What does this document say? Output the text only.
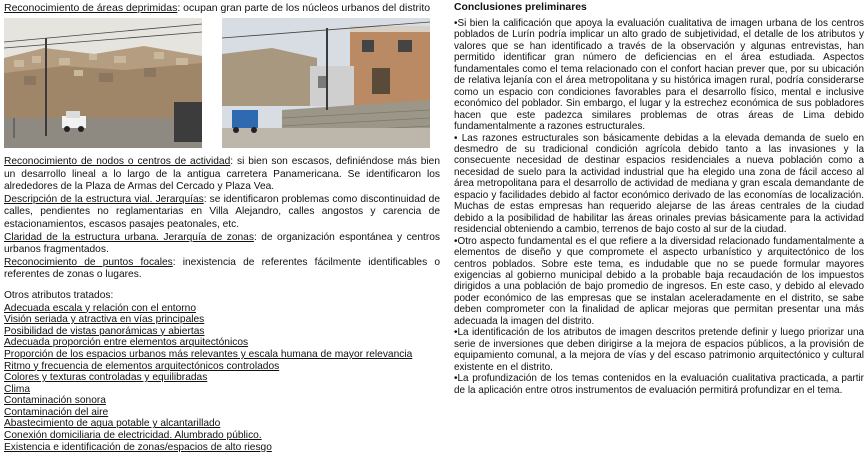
Reconocimiento de áreas deprimidas: ocupan gran parte de los núcleos urbanos del distrito

Reconocimiento de nodos o centros de actividad: si bien son escasos, definiéndose más bien un desarrollo lineal a lo largo de la antigua carretera Panamericana. Se identificaron los alrededores de la Plaza de Armas del Cercado y Plaza Vea.

Descripción de la estructura vial. Jerarquías: se identificaron problemas como discontinuidad de calles, pendientes no reglamentarias en Villa Alejandro, calles angostos y carencia de estacionamientos, escasos pasajes peatonales, etc.

Claridad de la estructura urbana. Jerarquía de zonas: de organización espontánea y centros urbanos fragmentados.

Reconocimiento de puntos focales: inexistencia de referentes fácilmente identificables o referentes de zonas o lugares.

Otros atributos tratados:

Adecuada escala y relación con el entorno
Visión seriada y atractiva en vías principales
Posibilidad de vistas panorámicas y abiertas
Adecuada proporción entre elementos arquitectónicos
Proporción de los espacios urbanos más relevantes y escala humana de mayor relevancia
Ritmo y frecuencia de elementos arquitectónicos controlados
Colores y texturas controladas y equilibradas
Clima
Contaminación sonora
Contaminación del aire
Abastecimiento de agua potable y alcantarillado
Conexión domiciliaria de electricidad. Alumbrado público.
Existencia e identificación de zonas/espacios de alto riesgo

Conclusiones preliminares

•Si bien la calificación que apoya la evaluación cualitativa de imagen urbana de los centros poblados de Lurín podría implicar un alto grado de subjetividad, el detalle de los atributos y valores que se han identificado a través de la observación y algunas entrevistas, han permitido identificar gran número de deficiencias en el área estudiada. Aspectos fundamentales como el tema relacionado con el confort hacian prever que, por su ubicación de relativa lejanía con el área metropolitana y su histórica imagen rural, podría considerarse como un espacio con condiciones favorables para el desarrollo físico, mental e inclusive económico del poblador. Sin embargo, el lugar y la estrechez económica de sus pobladores hacen que este padezca similares problemas de otras áreas de Lima debido fundamentalmente a razones estructurales.

• Las razones estructurales son básicamente debidas a la elevada demanda de suelo en desmedro de su tradicional condición agrícola debido tanto a las invasiones y la consecuente necesidad de destinar espacios residenciales a nueva población como a necesidad de suelo para la actividad industrial que ha elegido una zona de fácil acceso al área metropolitana para el desarrollo de actividad de mediana y gran escala demandante de espacio y facilidades debido al factor económico derivado de las economías de localización. Muchas de estas empresas han requerido alejarse de las áreas centrales de la ciudad debido a la posibilidad de habilitar las áreas orinales previas básicamente para la actividad residencial obteniendo a cambio, terrenos de bajo costo al sur de la ciudad.

•Otro aspecto fundamental es el que refiere a la diversidad relacionado fundamentalmente a elementos de diseño y que compromete el aspecto urbanístico y arquitectónico de los centros poblados. Sobre este tema, es indudable que no se puede formular mayores exigencias al gobierno municipal debido a la probable baja recaudación de los impuestos dirigidos a una población de bajo promedio de ingresos. En este caso, y debido al elevado poder económico de las empresas que se instalan aceleradamente en el distrito, se sabe deben comprometer con la finalidad de aplicar mejoras que permitan presentar una más adecuada la imagen del distrito.

•La identificación de los atributos de imagen descritos pretende definir y luego priorizar una serie de inversiones que deben dirigirse a la mejora de espacios públicos, a la provisión de equipamiento comunal, a la mejora de vías y del escaso patrimonio arquitectónico y cultural existente en el distrito.

•La profundización de los temas contenidos en la evaluación cualitativa practicada, a partir de la aplicación entre otros instrumentos de evaluación permitirá profundizar en el tema.
